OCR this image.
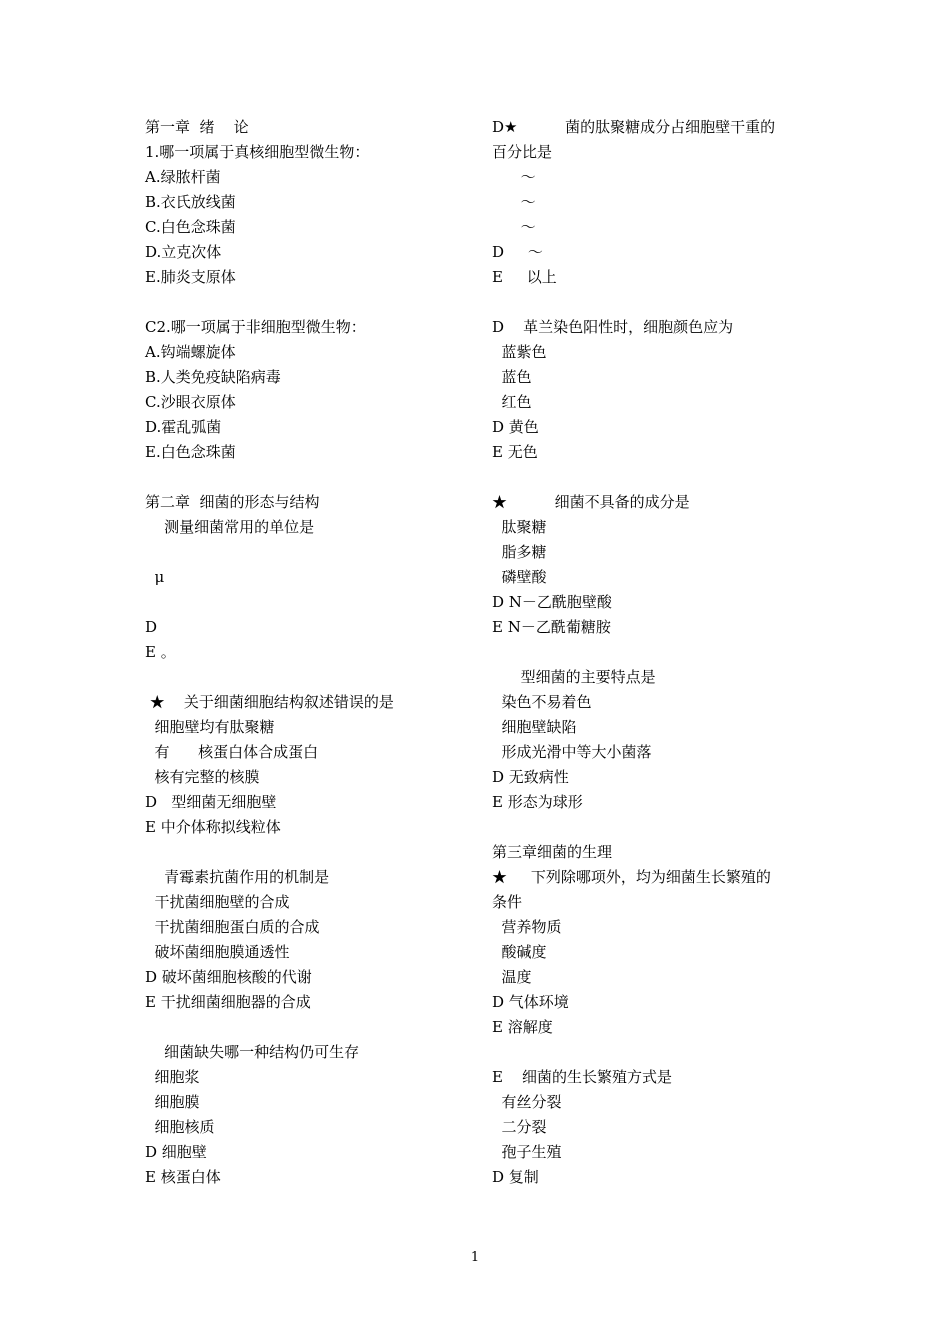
第一章  绪    论
1.哪一项属于真核细胞型微生物：
A.绿脓杆菌
B.衣氏放线菌
C.白色念珠菌
D.立克次体
E.肺炎支原体
C2.哪一项属于非细胞型微生物：
A.钩端螺旋体
B.人类免疫缺陷病毒
C.沙眼衣原体
D.霍乱弧菌
E.白色念珠菌
第二章  细菌的形态与结构
测量细菌常用的单位是
μ
D
E 。
★    关于细菌细胞结构叙述错误的是
细胞壁均有肽聚糖
有      核蛋白体合成蛋白
核有完整的核膜
D   型细菌无细胞壁
E 中介体称拟线粒体
青霉素抗菌作用的机制是
干扰菌细胞壁的合成
干扰菌细胞蛋白质的合成
破坏菌细胞膜通透性
D 破坏菌细胞核酸的代谢
E 干扰细菌细胞器的合成
细菌缺失哪一种结构仍可生存
细胞浆
细胞膜
细胞核质
D 细胞壁
E 核蛋白体
D★          菌的肽聚糖成分占细胞壁干重的
百分比是
～
～
～
D     ～
E     以上
D    革兰染色阳性时，细胞颜色应为
蓝紫色
蓝色
红色
D 黄色
E 无色
★          细菌不具备的成分是
肽聚糖
脂多糖
磷壁酸
D N－乙酰胞壁酸
E N－乙酰葡糖胺
型细菌的主要特点是
染色不易着色
细胞壁缺陷
形成光滑中等大小菌落
D 无致病性
E 形态为球形
第三章细菌的生理
★     下列除哪项外，均为细菌生长繁殖的
条件
营养物质
酸碱度
温度
D 气体环境
E 溶解度
E    细菌的生长繁殖方式是
有丝分裂
二分裂
孢子生殖
D 复制
1
